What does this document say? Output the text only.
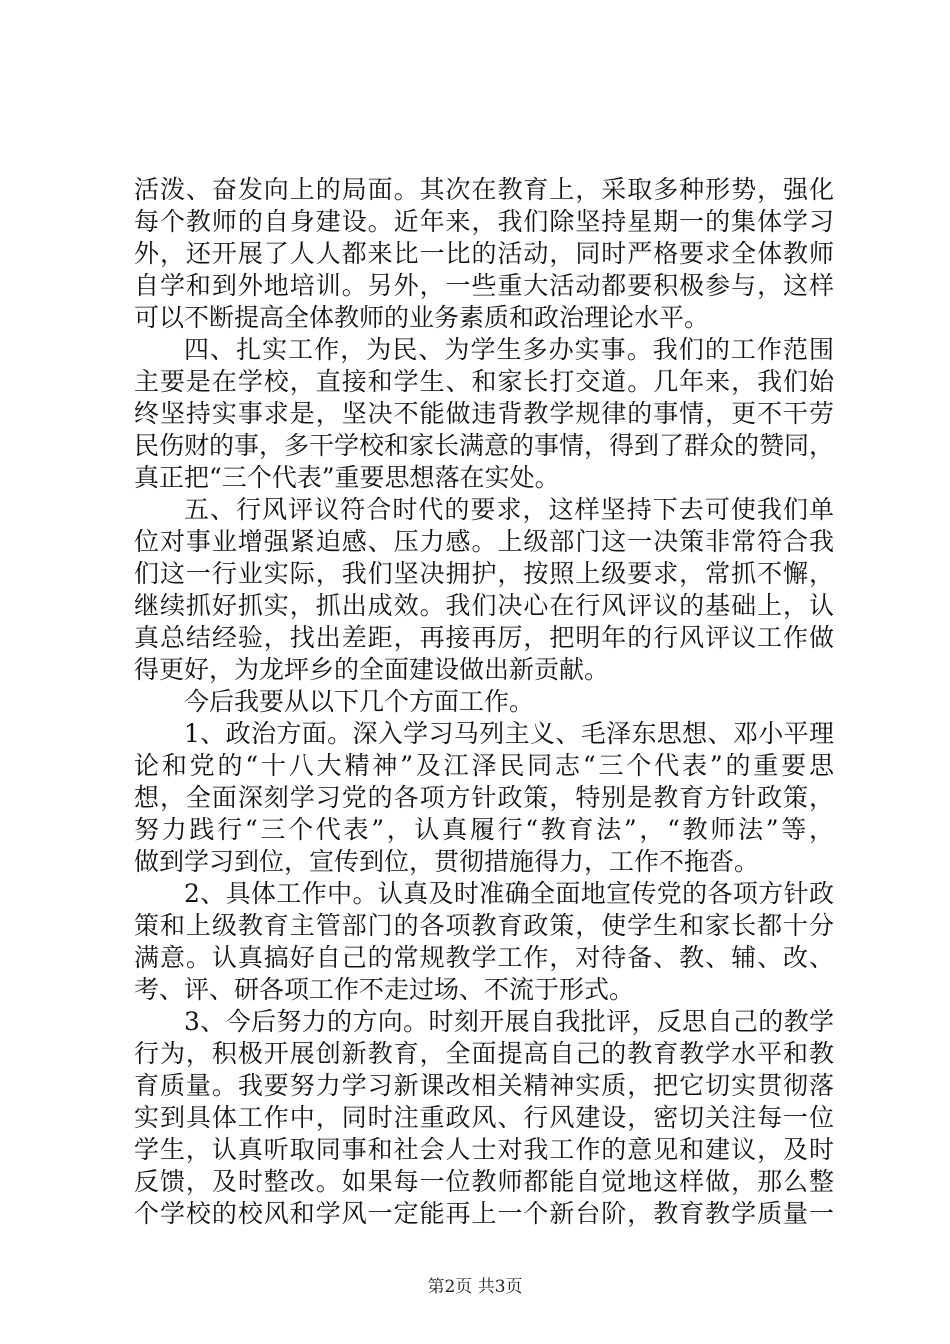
活泼、奋发向上的局面。其次在教育上，采取多种形势，强化

每个教师的自身建设。近年来，我们除坚持星期一的集体学习

外，还开展了人人都来比一比的活动，同时严格要求全体教师

自学和到外地培训。另外，一些重大活动都要积极参与，这样

可以不断提高全体教师的业务素质和政治理论水平。

四、扎实工作，为民、为学生多办实事。我们的工作范围

主要是在学校，直接和学生、和家长打交道。几年来，我们始

终坚持实事求是，坚决不能做违背教学规律的事情，更不干劳

民伤财的事，多干学校和家长满意的事情，得到了群众的赞同，

真正把“三个代表”重要思想落在实处。

五、行风评议符合时代的要求，这样坚持下去可使我们单

位对事业增强紧迫感、压力感。上级部门这一决策非常符合我

们这一行业实际，我们坚决拥护，按照上级要求，常抓不懈，

继续抓好抓实，抓出成效。我们决心在行风评议的基础上，认

真总结经验，找出差距，再接再厉，把明年的行风评议工作做

得更好，为龙坪乡的全面建设做出新贡献。

今后我要从以下几个方面工作。

1、政治方面。深入学习马列主义、毛泽东思想、邓小平理

论和党的“十八大精神”及江泽民同志“三个代表”的重要思

想，全面深刻学习党的各项方针政策，特别是教育方针政策，

努力践行“三个代表”，认真履行“教育法”，“教师法”等，

做到学习到位，宣传到位，贯彻措施得力，工作不拖沓。

2、具体工作中。认真及时准确全面地宣传党的各项方针政

策和上级教育主管部门的各项教育政策，使学生和家长都十分

满意。认真搞好自己的常规教学工作，对待备、教、辅、改、

考、评、研各项工作不走过场、不流于形式。

3、今后努力的方向。时刻开展自我批评，反思自己的教学

行为，积极开展创新教育，全面提高自己的教育教学水平和教

育质量。我要努力学习新课改相关精神实质，把它切实贯彻落

实到具体工作中，同时注重政风、行风建设，密切关注每一位

学生，认真听取同事和社会人士对我工作的意见和建议，及时

反馈，及时整改。如果每一位教师都能自觉地这样做，那么整

个学校的校风和学风一定能再上一个新台阶，教育教学质量一

第2页 共3页
